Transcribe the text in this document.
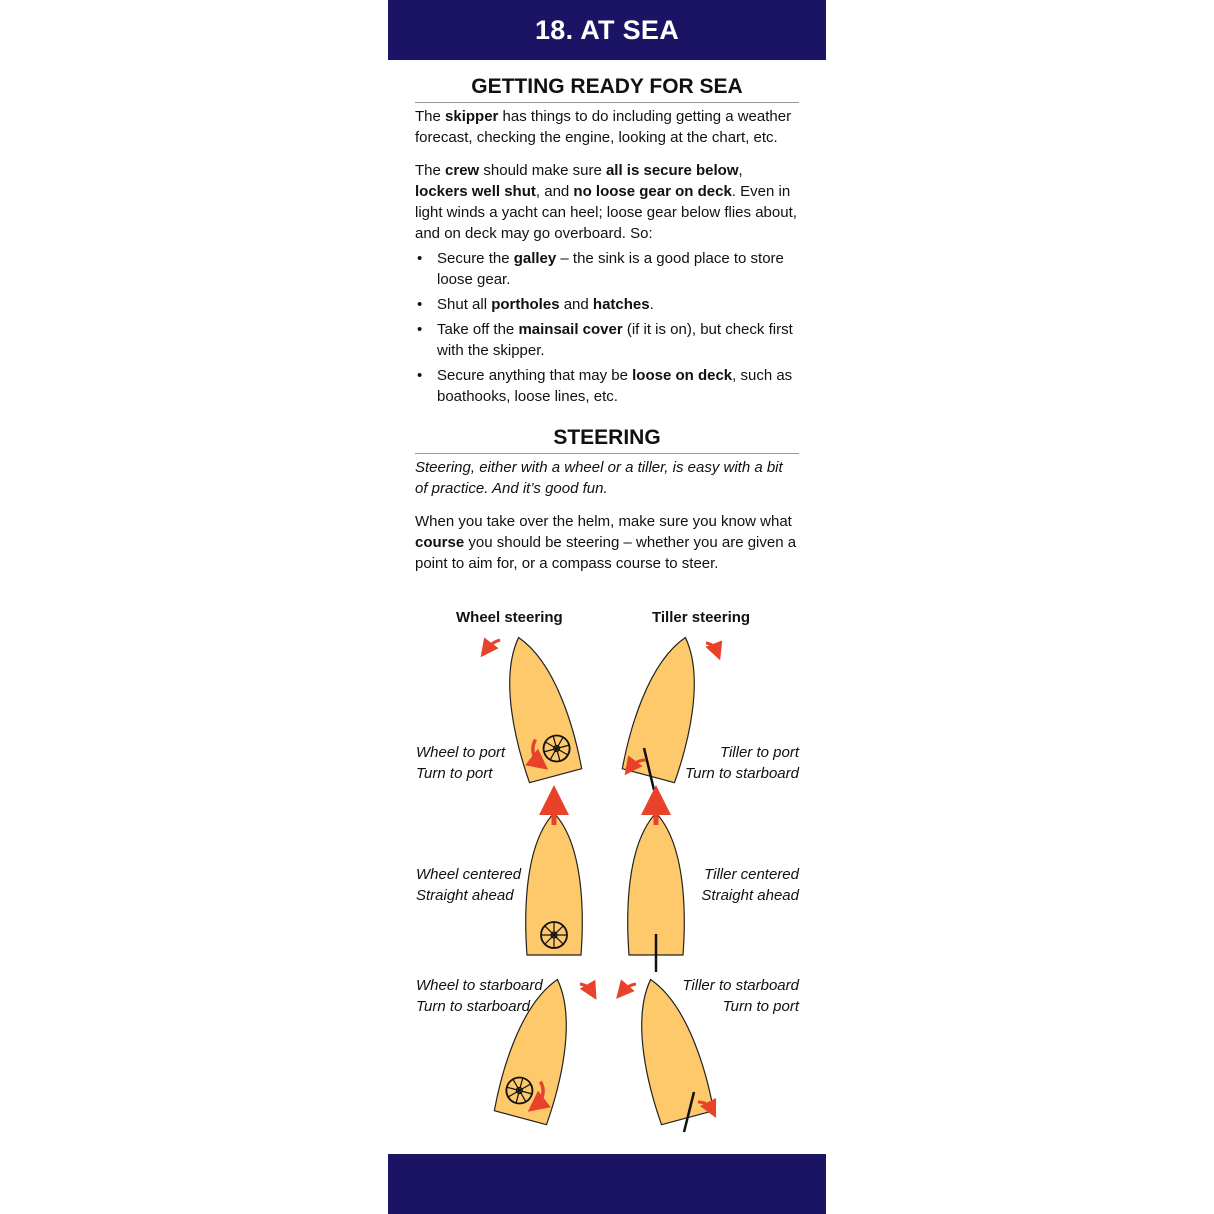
18. AT SEA
GETTING READY FOR SEA

The skipper has things to do including getting a weather forecast, checking the engine, looking at the chart, etc.

The crew should make sure all is secure below, lockers well shut, and no loose gear on deck. Even in light winds a yacht can heel; loose gear below flies about, and on deck may go overboard. So:

• Secure the galley – the sink is a good place to store loose gear.
• Shut all portholes and hatches.
• Take off the mainsail cover (if it is on), but check first with the skipper.
• Secure anything that may be loose on deck, such as boathooks, loose lines, etc.
STEERING

Steering, either with a wheel or a tiller, is easy with a bit of practice. And it’s good fun.

When you take over the helm, make sure you know what course you should be steering – whether you are given a point to aim for, or a compass course to steer.

Wheel steering	Tiller steering
Wheel to port
Turn to port
Tiller to port
Turn to starboard
Wheel centered
Straight ahead
Tiller centered
Straight ahead
Wheel to starboard
Turn to starboard
Tiller to starboard
Turn to port
